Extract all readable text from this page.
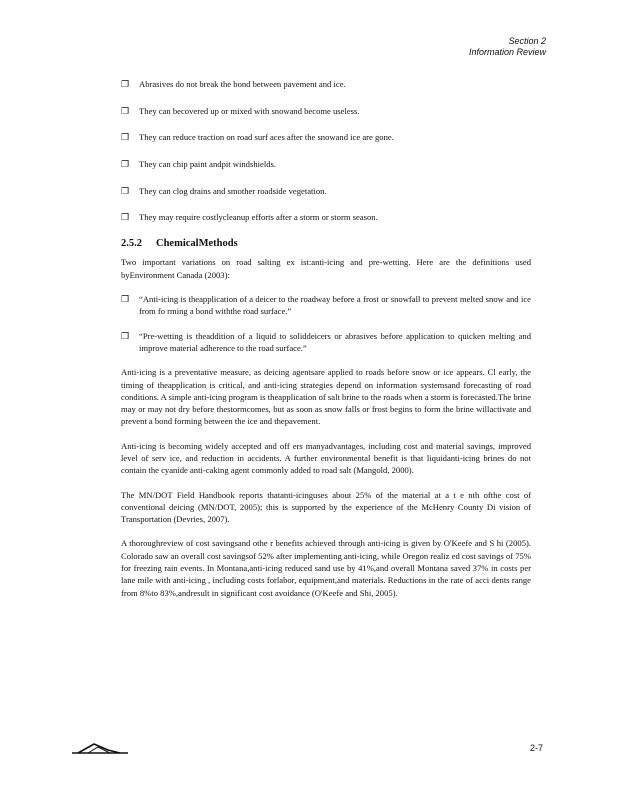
Section 2
Information Review
❒ Abrasives do not break the bond between pavement and ice.
❒ They can becovered up or mixed with snowand become useless.
❒ They can reduce traction on road surf aces after the snowand ice are gone.
❒ They can chip paint andpit windshields.
❒ They can clog drains and smother roadside vegetation.
❒ They may require costlycleanup efforts after a storm or storm season.
2.5.2 ChemicalMethods

Two important variations on road salting ex ist:anti-icing and pre-wetting. Here are the definitions used byEnvironment Canada (2003):

❒ “Anti-icing is theapplication of a deicer to the roadway before a frost or snowfall to prevent melted snow and ice from fo rming a bond withthe road surface.”
❒ “Pre-wetting is theaddition of a liquid to soliddeicers or abrasives before application to quicken melting and improve material adherence to the road surface.”

Anti-icing is a preventative measure, as deicing agentsare applied to roads before snow or ice appears. Cl early, the timing of theapplication is critical, and anti-icing strategies depend on information systemsand forecasting of road conditions. A simple anti-icing program is theapplication of salt brine to the roads when a storm is forecasted.The brine may or may not dry before thestormcomes, but as soon as snow falls or frost begins to form the brine willactivate and prevent a bond forming between the ice and thepavement.

Anti-icing is becoming widely accepted and off ers manyadvantages, including cost and material savings, improved level of serv ice, and reduction in accidents. A further environmental benefit is that liquidanti-icing brines do not contain the cyanide anti-caking agent commonly added to road salt (Mangold, 2000).

The MN/DOT Field Handbook reports thatanti-icinguses about 25% of the material at a t e nth ofthe cost of conventional deicing (MN/DOT, 2005); this is supported by the experience of the McHenry County Di vision of Transportation (Devries, 2007).

A thoroughreview of cost savingsand othe r benefits achieved through anti-icing is given by O'Keefe and S hi (2005). Colorado saw an overall cost savingsof 52% after implementing anti-icing, while Oregon realiz ed cost savings of 75% for freezing rain events. In Montana,anti-icing reduced sand use by 41%,and overall Montana saved 37% in costs per lane mile with anti-icing , including costs forlabor, equipment,and materials. Reductions in the rate of acci dents range from 8%to 83%,andresult in significant cost avoidance (O'Keefe and Shi, 2005).

2-7
